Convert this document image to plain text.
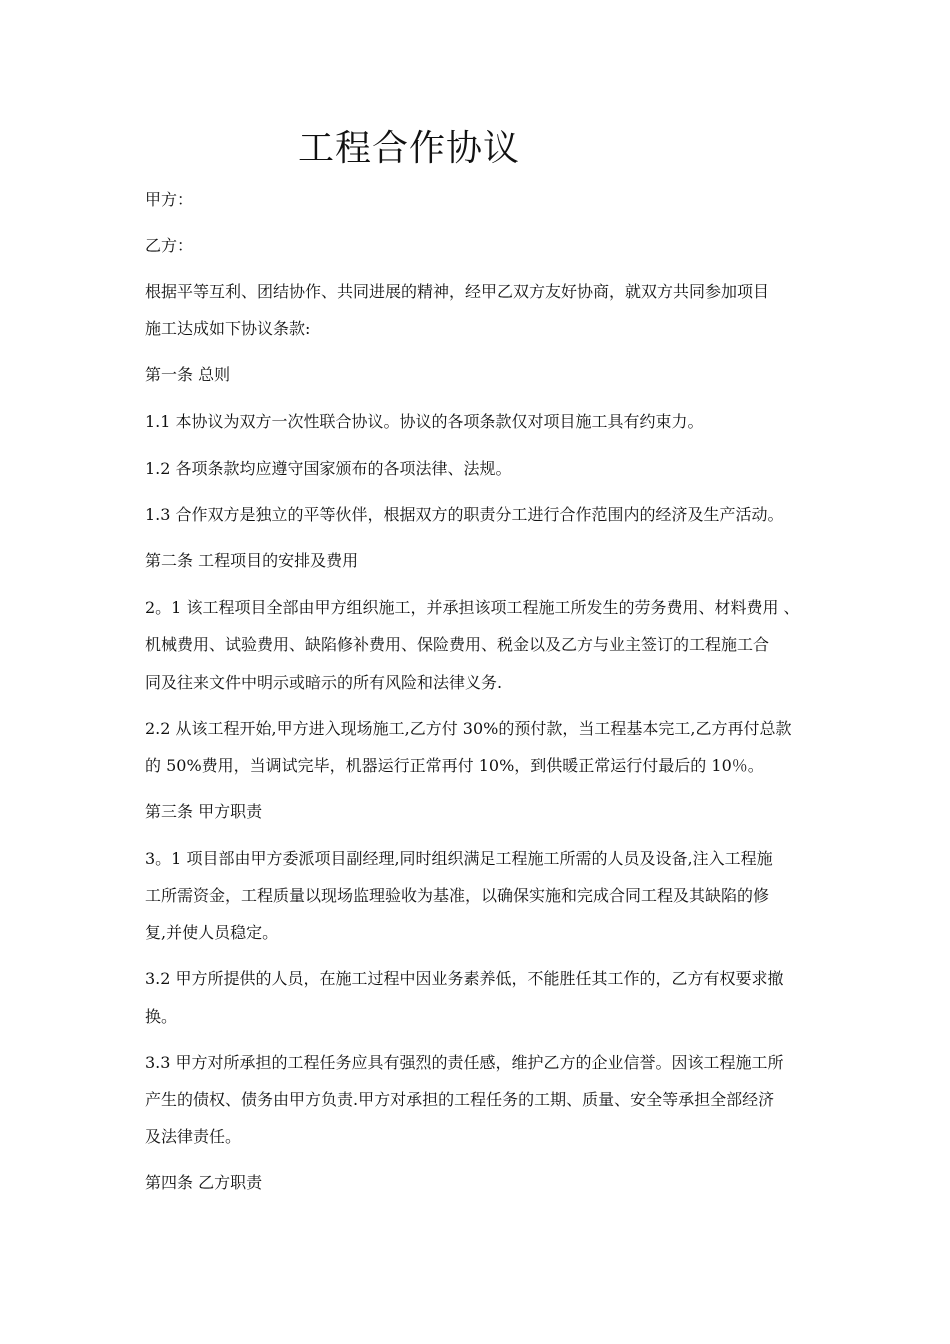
工程合作协议

甲方：

乙方：

根据平等互利、团结协作、共同进展的精神，经甲乙双方友好协商，就双方共同参加项目

施工达成如下协议条款:

第一条 总则

1.1 本协议为双方一次性联合协议。协议的各项条款仅对项目施工具有约束力。

1.2 各项条款均应遵守国家颁布的各项法律、法规。

1.3 合作双方是独立的平等伙伴，根据双方的职责分工进行合作范围内的经济及生产活动。

第二条 工程项目的安排及费用

2。1 该工程项目全部由甲方组织施工，并承担该项工程施工所发生的劳务费用、材料费用 、

机械费用、试验费用、缺陷修补费用、保险费用、税金以及乙方与业主签订的工程施工合

同及往来文件中明示或暗示的所有风险和法律义务.

2.2 从该工程开始,甲方进入现场施工,乙方付 30%的预付款，当工程基本完工,乙方再付总款

的 50%费用，当调试完毕，机器运行正常再付 10%，到供暖正常运行付最后的 10％。

第三条 甲方职责

3。1 项目部由甲方委派项目副经理,同时组织满足工程施工所需的人员及设备,注入工程施

工所需资金，工程质量以现场监理验收为基准，以确保实施和完成合同工程及其缺陷的修

复,并使人员稳定。

3.2 甲方所提供的人员，在施工过程中因业务素养低，不能胜任其工作的，乙方有权要求撤

换。

3.3 甲方对所承担的工程任务应具有强烈的责任感，维护乙方的企业信誉。因该工程施工所

产生的债权、债务由甲方负责.甲方对承担的工程任务的工期、质量、安全等承担全部经济

及法律责任。

第四条 乙方职责
